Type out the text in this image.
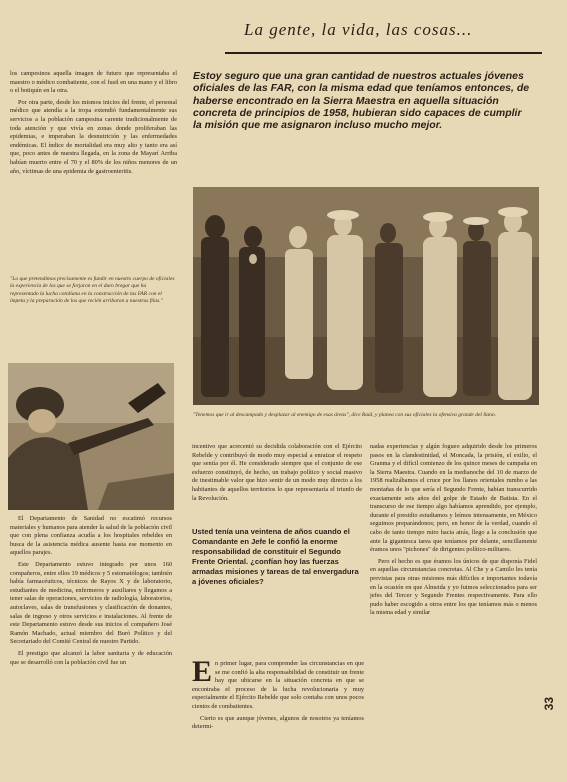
La gente, la vida, las cosas...

los campesinos aquella imagen de futuro que representaba el maestro o médico combatiente, con el fusil en una mano y el libro o el botiquín en la otra.

Por otra parte, desde los mismos inicios del frente, el personal médico que atendía a la tropa extendió fundamentalmente sus servicios a la población campesina carente tradicionalmente de toda atención y que vivía en zonas donde proliferaban las epidemias, e imperaban la desnutrición y las enfermedades endémicas. El índice de mortalidad era muy alto y tanto era así que, poco antes de nuestra llegada, en la zona de Mayarí Arriba habían muerto entre el 70 y el 80% de los niños menores de un año, víctimas de una epidemia de gastroenteritis.

"Lo que pretendimos precisamente es fundir en nuestro cuerpo de oficiales la experiencia de los que se forjaron en el duro bregar que ha representado la lucha cotidiana en la construcción de las FAR con el ímpetu y la preparación de los que recién arribaron a nuestras filas."
Estoy seguro que una gran cantidad de nuestros actuales jóvenes oficiales de las FAR, con la misma edad que teníamos entonces, de haberse encontrado en la Sierra Maestra en aquella situación concreta de principios de 1958, hubieran sido capaces de cumplir la misión que me asignaron incluso mucho mejor.
"Tenemos que ir al descampado y desplazar al enemigo de esas áreas", dice Raúl, y planea con sus oficiales la ofensiva grande del llano.

El Departamento de Sanidad no escatimó recursos materiales y humanos para atender la salud de la población civil que con plena confianza acudía a los hospitales rebeldes en busca de la asistencia médica ausente hasta ese momento en aquellos parajes.

Este Departamento estuvo integrado por unos 160 compañeros, entre ellos 19 médicos y 5 estomatólogos; también había farmacéuticos, técnicos de Rayos X y de laboratorio, estudiantes de medicina, enfermeros y auxiliares y llegamos a tener salas de operaciones, servicios de radiología, laboratorios, autoclaves, salas de transfusiones y clasificación de donantes, salas de ingreso y otros servicios e instalaciones. Al frente de este Departamento estuvo desde sus inicios el compañero José Ramón Machado, actual miembro del Buró Político y del Secretariado del Comité Central de nuestro Partido.

El prestigio que alcanzó la labor sanitaria y de educación que se desarrolló con la población civil fue un

incentivo que acrecentó su decidida colaboración con el Ejército Rebelde y contribuyó de modo muy especial a enraizar el respeto que sentía por él. He considerado siempre que el conjunto de ese esfuerzo constituyó, de hecho, un trabajo político y social masivo de inestimable valor que hizo sentir de un modo muy directo a los habitantes de aquellos territorios lo que representaría el triunfo de la Revolución.

Usted tenía una veintena de años cuando el Comandante en Jefe le confió la enorme responsabilidad de constituir el Segundo Frente Oriental. ¿confían hoy las fuerzas armadas misiones y tareas de tal envergadura a jóvenes oficiales?

En primer lugar, para comprender las circunstancias en que se me confió la alta responsabilidad de constituir un frente hay que ubicarse en la situación concreta en que se encontraba el proceso de la lucha revolucionaria y muy especialmente el Ejército Rebelde que solo contaba con unos pocos cientos de combatientes.

Cierto es que aunque jóvenes, algunos de nosotros ya teníamos determi-

nadas experiencias y algún fogueo adquirido desde los primeros pasos en la clandestinidad, el Moncada, la prisión, el exilio, el Granma y el difícil comienzo de los quince meses de campaña en la Sierra Maestra. Cuando en la medianoche del 10 de marzo de 1958 realizábamos el cruce por los llanos orientales rumbo a las montañas de lo que sería el Segundo Frente, habían transcurrido exactamente seis años del golpe de Estado de Batista. En el transcurso de ese tiempo algo habíamos aprendido, por ejemplo, durante el presidio estudiamos y leímos intensamente, en México seguimos preparándonos; pero, en honor de la verdad, cuando el cabo de tanto tiempo miro hacia atrás, llego a la conclusión que ante la gigantesca tarea que teníamos por delante, sencillamente éramos unos "pichones" de dirigentes político-militares.

Pero el hecho es que éramos los únicos de que disponía Fidel en aquellas circunstancias concretas. Al Che y a Camilo les tenía previstas para otras misiones más difíciles e importantes todavía en la ocasión en que Almeida y yo fuimos seleccionados para ser jefes del Tercer y Segundo Frentes respectivamente. Para ello pudo haber escogido a otros entre los que teníamos más o menos la misma edad y similar

33
